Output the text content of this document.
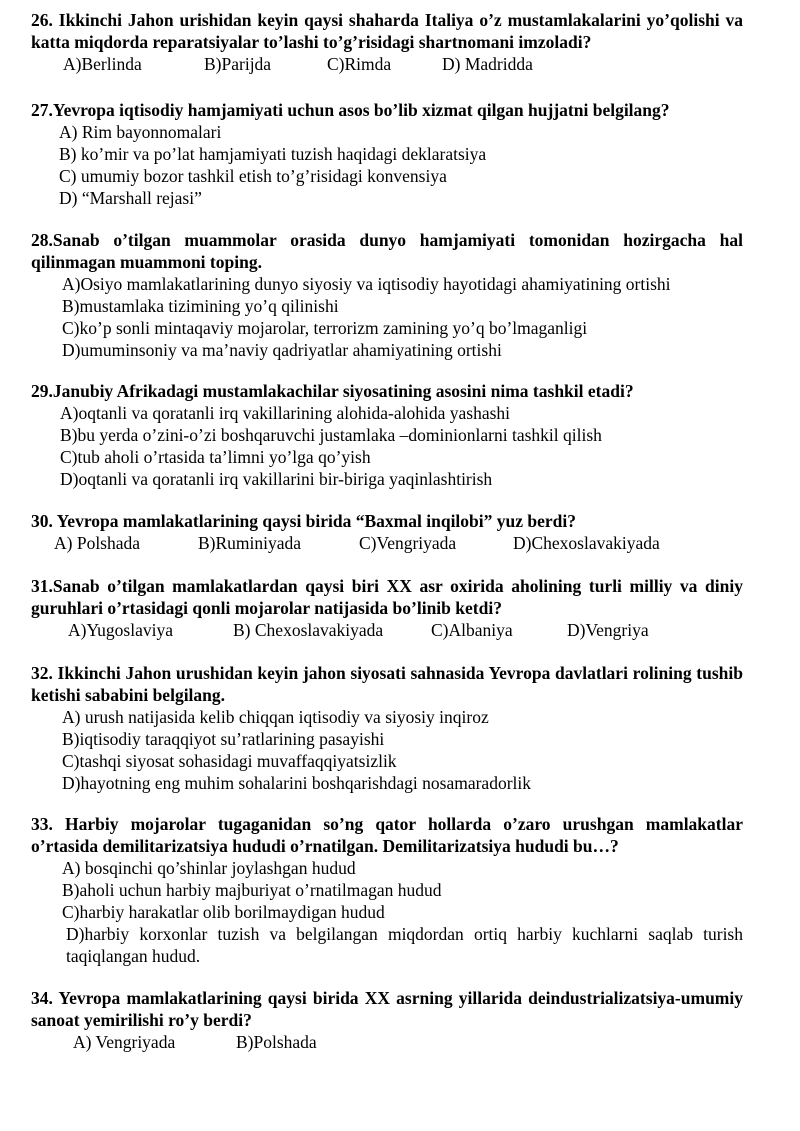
26. Ikkinchi Jahon urishidan keyin qaysi shaharda Italiya o’z mustamlakalarini yo’qolishi va katta miqdorda reparatsiyalar to’lashi to’g’risidagi shartnomani imzoladi?

A)Berlinda	B)Parijda	C)Rimda	D) Madridda

27.Yevropa iqtisodiy hamjamiyati uchun asos bo’lib xizmat qilgan hujjatni belgilang?

A) Rim bayonnomalari

B) ko’mir va po’lat hamjamiyati tuzish haqidagi deklaratsiya

C) umumiy bozor tashkil etish to’g’risidagi konvensiya

D) “Marshall rejasi”

28.Sanab o’tilgan muammolar orasida dunyo hamjamiyati tomonidan hozirgacha hal qilinmagan muammoni toping.

A)Osiyo mamlakatlarining dunyo siyosiy va iqtisodiy hayotidagi ahamiyatining ortishi

B)mustamlaka tizimining yo’q qilinishi

C)ko’p sonli mintaqaviy mojarolar, terrorizm zamining yo’q bo’lmaganligi

D)umuminsoniy va ma’naviy qadriyatlar ahamiyatining ortishi

29.Janubiy Afrikadagi mustamlakachilar siyosatining asosini nima tashkil etadi?

A)oqtanli va qoratanli irq vakillarining alohida-alohida yashashi

B)bu yerda o’zini-o’zi boshqaruvchi justamlaka –dominionlarni tashkil qilish

C)tub aholi o’rtasida ta’limni yo’lga qo’yish

D)oqtanli va qoratanli irq vakillarini bir-biriga yaqinlashtirish

30. Yevropa mamlakatlarining qaysi birida “Baxmal inqilobi” yuz berdi?

A) Polshada	B)Ruminiyada	C)Vengriyada	D)Chexoslavakiyada

31.Sanab o’tilgan mamlakatlardan qaysi biri XX asr oxirida aholining turli milliy va diniy guruhlari o’rtasidagi qonli mojarolar natijasida bo’linib ketdi?

A)Yugoslaviya	B) Chexoslavakiyada	C)Albaniya	D)Vengriya

32. Ikkinchi Jahon urushidan keyin jahon siyosati sahnasida Yevropa davlatlari rolining tushib ketishi sababini belgilang.

A) urush natijasida kelib chiqqan iqtisodiy va siyosiy inqiroz

B)iqtisodiy taraqqiyot su’ratlarining pasayishi

C)tashqi siyosat sohasidagi muvaffaqqiyatsizlik

D)hayotning eng muhim sohalarini boshqarishdagi nosamaradorlik

33. Harbiy mojarolar tugaganidan so’ng qator hollarda o’zaro urushgan mamlakatlar o’rtasida demilitarizatsiya hududi o’rnatilgan. Demilitarizatsiya hududi bu…?

A) bosqinchi qo’shinlar joylashgan hudud

B)aholi uchun harbiy majburiyat o’rnatilmagan hudud

C)harbiy harakatlar olib borilmaydigan hudud

D)harbiy korxonlar tuzish va belgilangan miqdordan ortiq harbiy kuchlarni saqlab turish taqiqlangan hudud.

34. Yevropa mamlakatlarining qaysi birida XX asrning yillarida deindustrializatsiya-umumiy sanoat yemirilishi ro’y berdi?

A) Vengriyada	B)Polshada
